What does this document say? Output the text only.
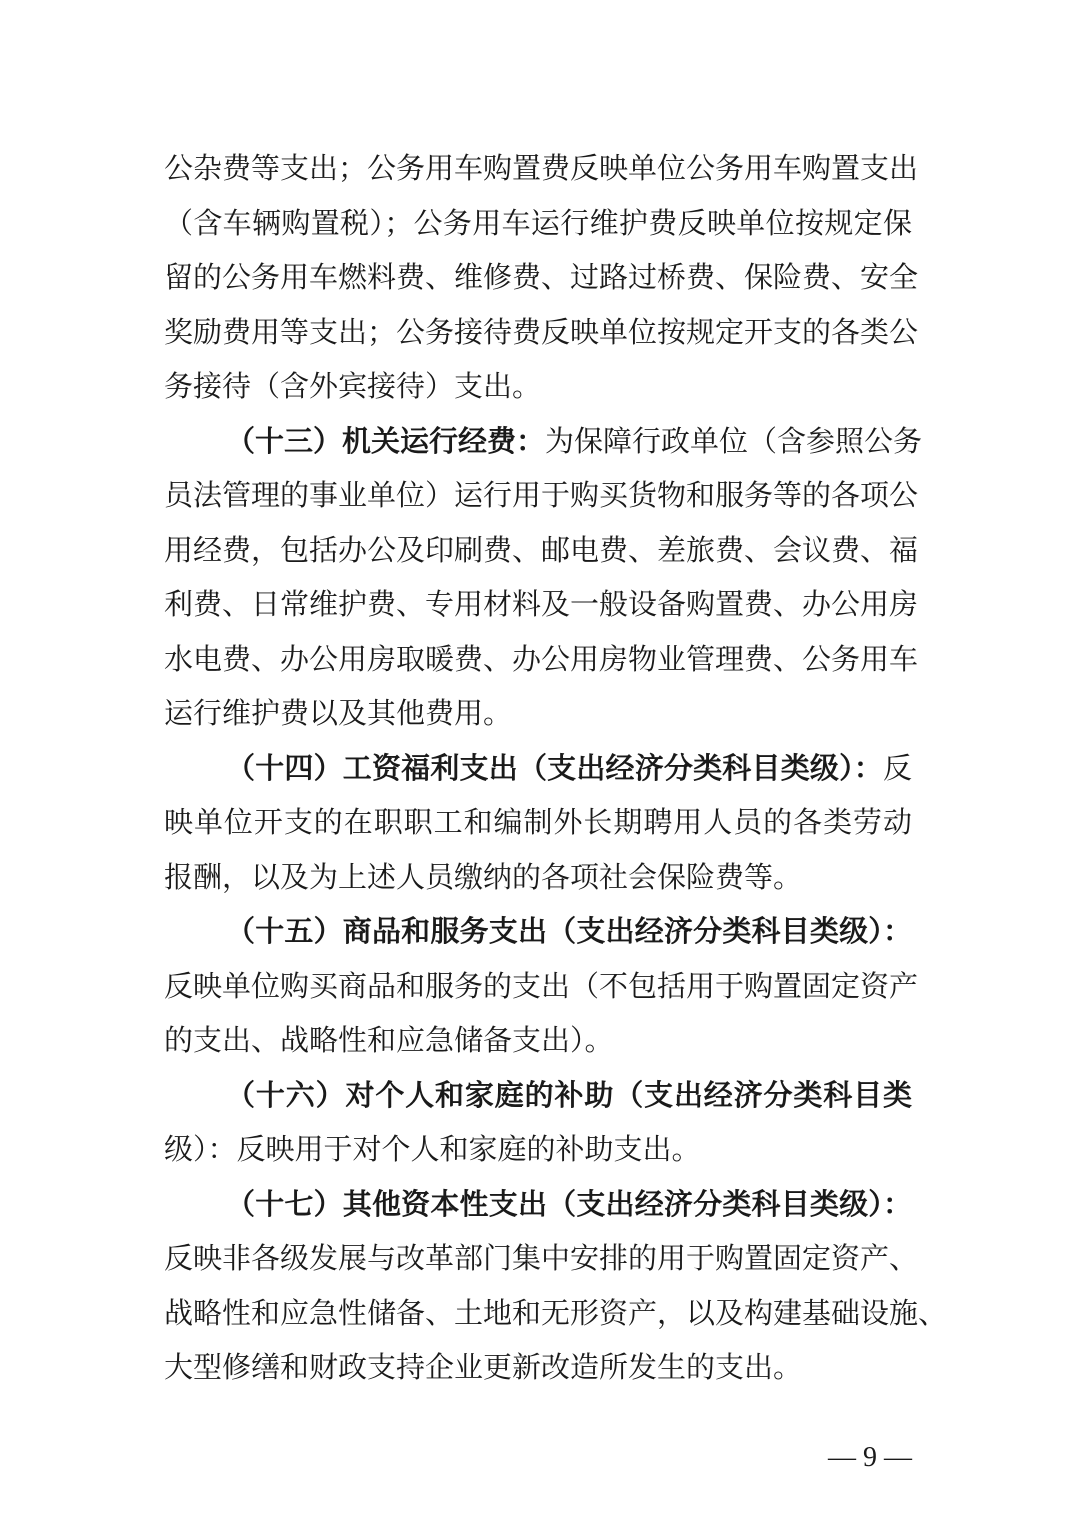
公杂费等支出；公务用车购置费反映单位公务用车购置支出
（含车辆购置税）；公务用车运行维护费反映单位按规定保
留的公务用车燃料费、维修费、过路过桥费、保险费、安全
奖励费用等支出；公务接待费反映单位按规定开支的各类公
务接待（含外宾接待）支出。
（十三）机关运行经费：为保障行政单位（含参照公务
员法管理的事业单位）运行用于购买货物和服务等的各项公
用经费，包括办公及印刷费、邮电费、差旅费、会议费、福
利费、日常维护费、专用材料及一般设备购置费、办公用房
水电费、办公用房取暖费、办公用房物业管理费、公务用车
运行维护费以及其他费用。
（十四）工资福利支出（支出经济分类科目类级）：反
映单位开支的在职职工和编制外长期聘用人员的各类劳动
报酬，以及为上述人员缴纳的各项社会保险费等。
（十五）商品和服务支出（支出经济分类科目类级）：
反映单位购买商品和服务的支出（不包括用于购置固定资产
的支出、战略性和应急储备支出）。
（十六）对个人和家庭的补助（支出经济分类科目类
级）：反映用于对个人和家庭的补助支出。
（十七）其他资本性支出（支出经济分类科目类级）：
反映非各级发展与改革部门集中安排的用于购置固定资产、
战略性和应急性储备、土地和无形资产，以及构建基础设施、
大型修缮和财政支持企业更新改造所发生的支出。
— 9 —
